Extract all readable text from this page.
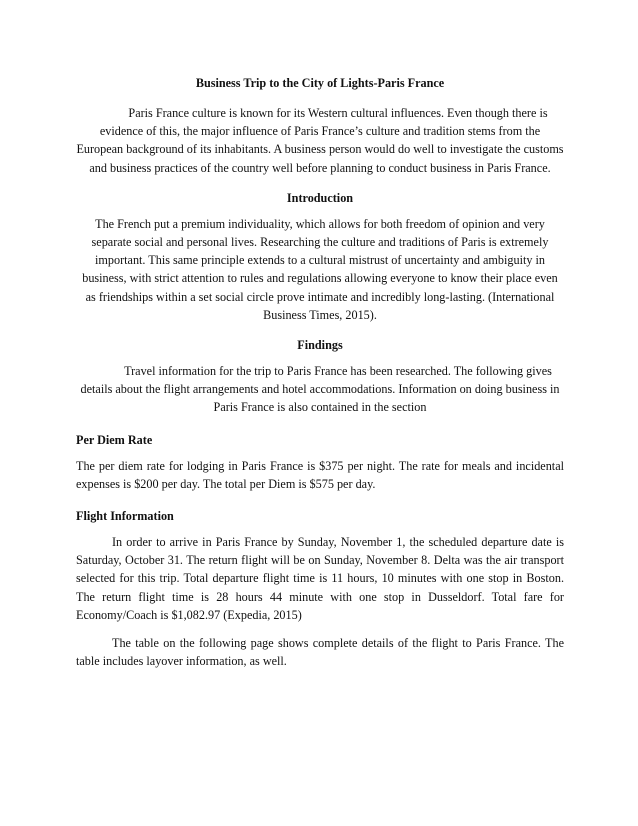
Business Trip to the City of Lights-Paris France

Paris France culture is known for its Western cultural influences. Even though there is evidence of this, the major influence of Paris France’s culture and tradition stems from the European background of its inhabitants. A business person would do well to investigate the customs and business practices of the country well before planning to conduct business in Paris France.

Introduction

The French put a premium individuality, which allows for both freedom of opinion and very separate social and personal lives. Researching the culture and traditions of Paris is extremely important. This same principle extends to a cultural mistrust of uncertainty and ambiguity in business, with strict attention to rules and regulations allowing everyone to know their place even as friendships within a set social circle prove intimate and incredibly long-lasting. (International Business Times, 2015).

Findings

Travel information for the trip to Paris France has been researched. The following gives details about the flight arrangements and hotel accommodations. Information on doing business in Paris France is also contained in the section

Per Diem Rate

The per diem rate for lodging in Paris France is $375 per night. The rate for meals and incidental expenses is $200 per day. The total per Diem is $575 per day.

Flight Information

In order to arrive in Paris France by Sunday, November 1, the scheduled departure date is Saturday, October 31. The return flight will be on Sunday, November 8. Delta was the air transport selected for this trip. Total departure flight time is 11 hours, 10 minutes with one stop in Boston. The return flight time is 28 hours 44 minute with one stop in Dusseldorf. Total fare for Economy/Coach is $1,082.97 (Expedia, 2015)

The table on the following page shows complete details of the flight to Paris France. The table includes layover information, as well.
